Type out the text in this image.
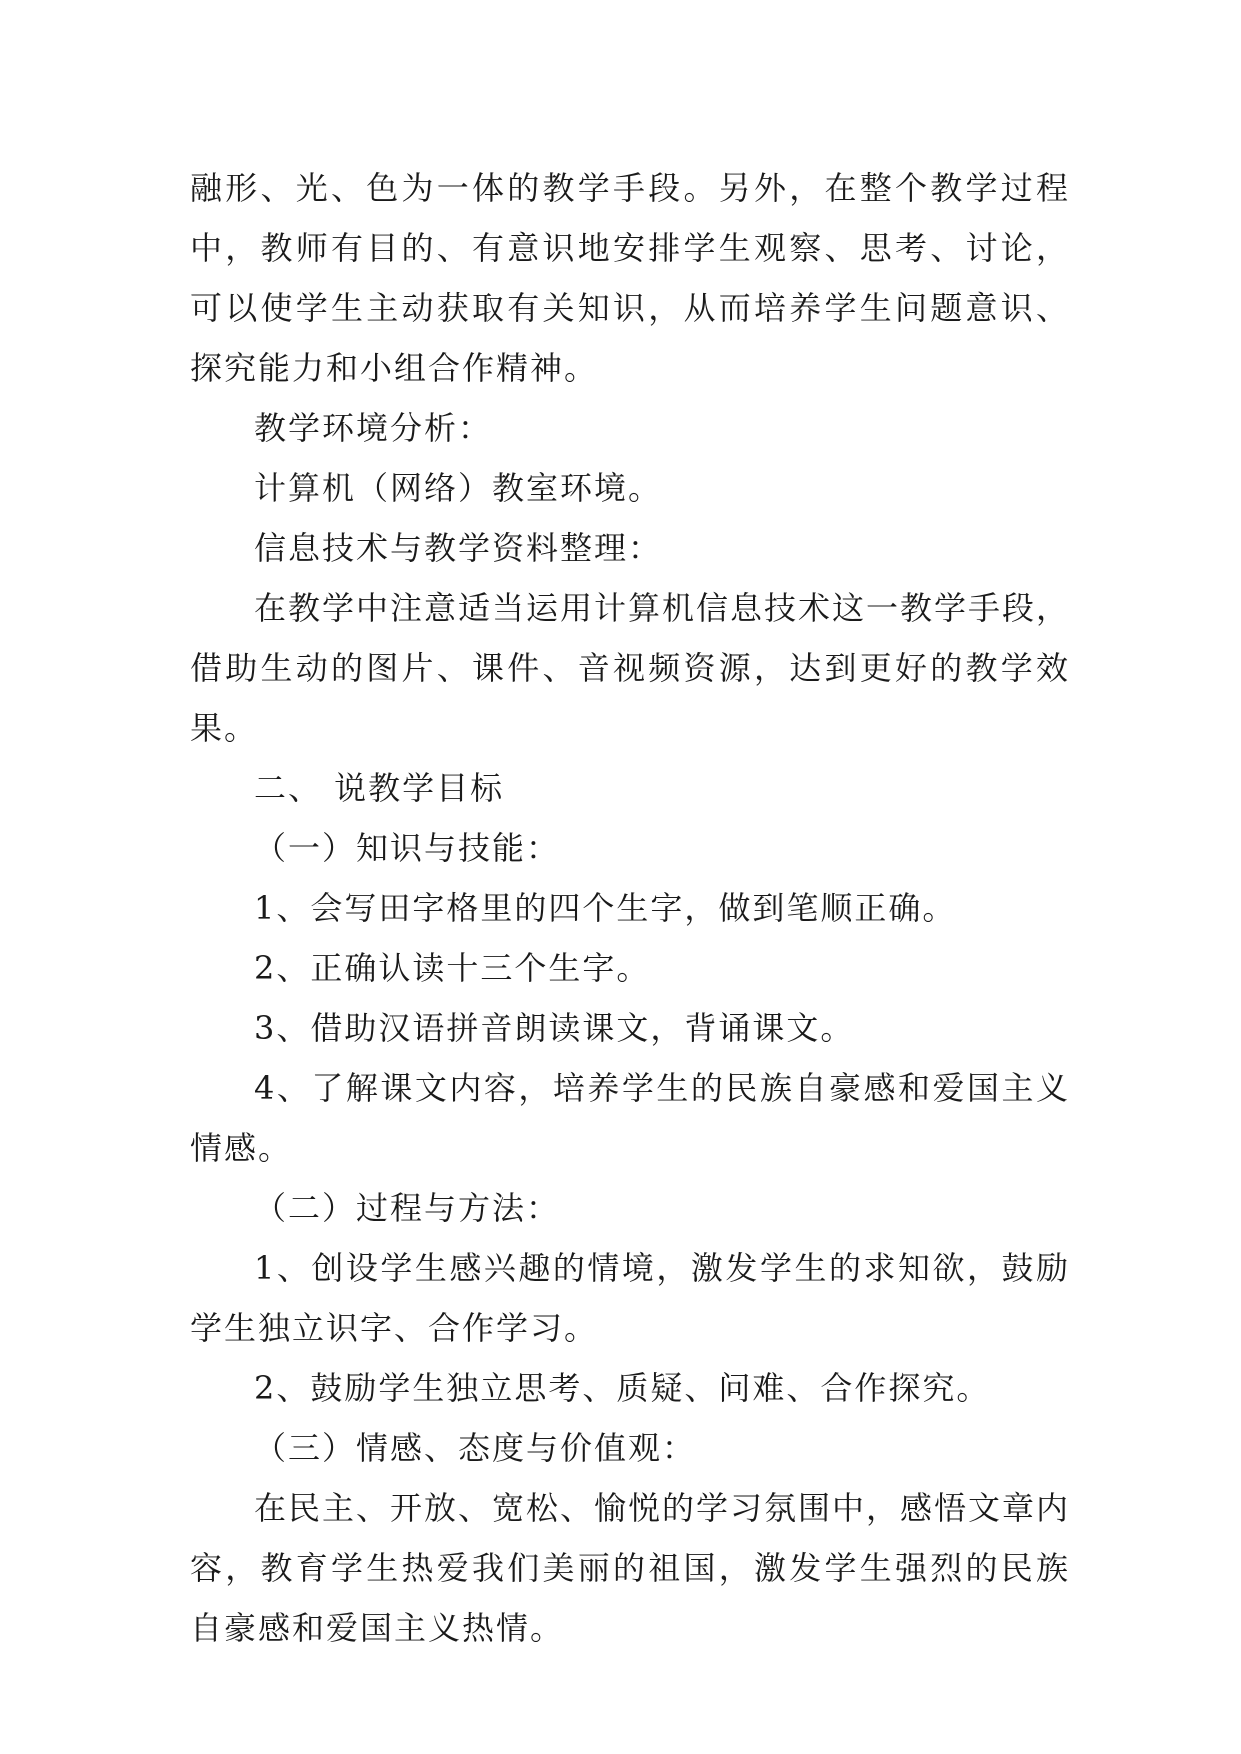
融形、光、色为一体的教学手段。另外，在整个教学过程中，教师有目的、有意识地安排学生观察、思考、讨论，可以使学生主动获取有关知识，从而培养学生问题意识、探究能力和小组合作精神。

教学环境分析：

计算机（网络）教室环境。

信息技术与教学资料整理：

在教学中注意适当运用计算机信息技术这一教学手段，借助生动的图片、课件、音视频资源，达到更好的教学效果。

二、 说教学目标

（一）知识与技能：

1、会写田字格里的四个生字，做到笔顺正确。

2、正确认读十三个生字。

3、借助汉语拼音朗读课文，背诵课文。

4、了解课文内容，培养学生的民族自豪感和爱国主义情感。

（二）过程与方法：

1、创设学生感兴趣的情境，激发学生的求知欲，鼓励学生独立识字、合作学习。

2、鼓励学生独立思考、质疑、问难、合作探究。

（三）情感、态度与价值观：

在民主、开放、宽松、愉悦的学习氛围中，感悟文章内容，教育学生热爱我们美丽的祖国，激发学生强烈的民族自豪感和爱国主义热情。
